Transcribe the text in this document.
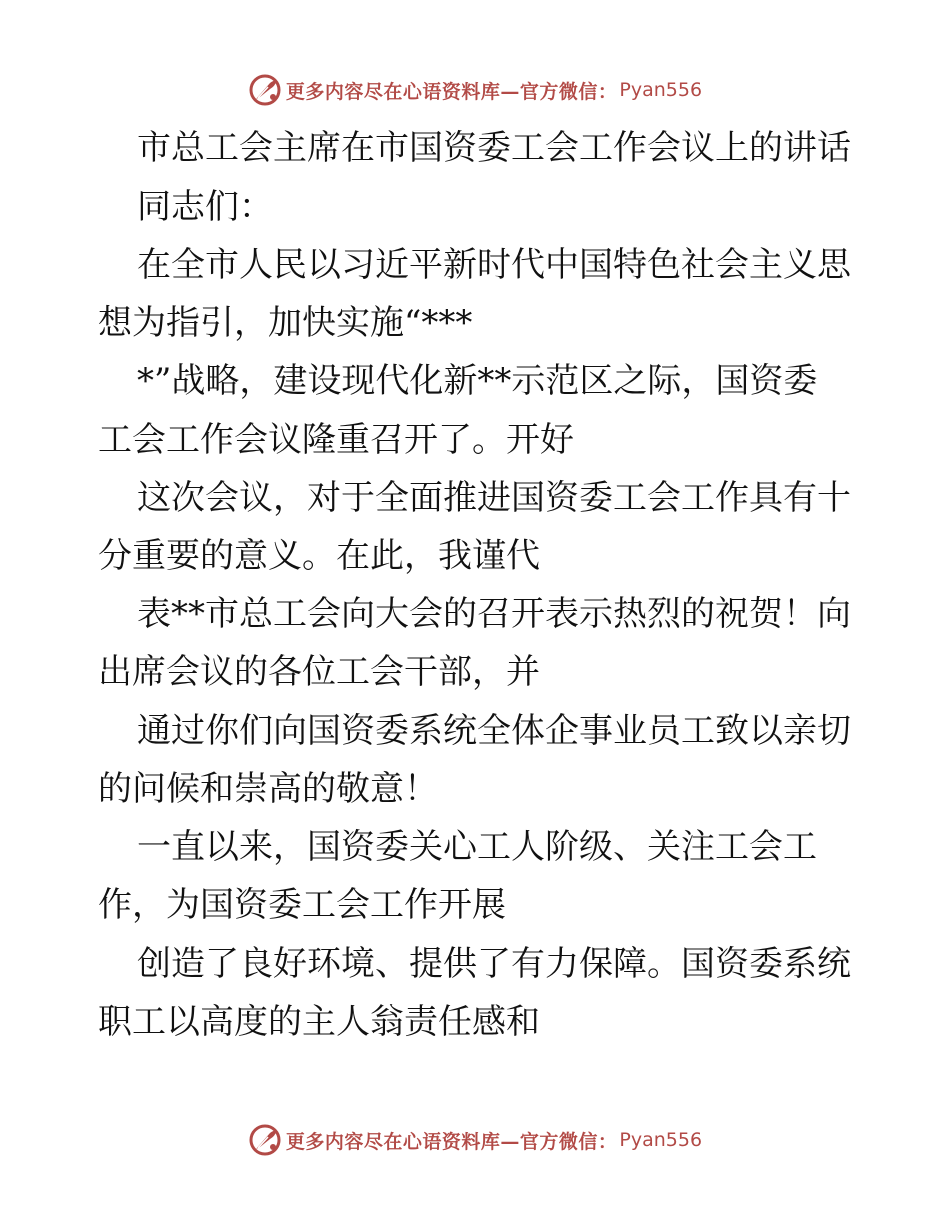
更多内容尽在心语资料库—官方微信： Pyan556
市总工会主席在市国资委工会工作会议上的讲话
同志们：
在全市人民以习近平新时代中国特色社会主义思
想为指引，加快实施“***
*”战略，建设现代化新**示范区之际，国资委
工会工作会议隆重召开了。开好
这次会议，对于全面推进国资委工会工作具有十
分重要的意义。在此，我谨代
表**市总工会向大会的召开表示热烈的祝贺！向
出席会议的各位工会干部，并
通过你们向国资委系统全体企事业员工致以亲切
的问候和崇高的敬意！
一直以来，国资委关心工人阶级、关注工会工
作，为国资委工会工作开展
创造了良好环境、提供了有力保障。国资委系统
职工以高度的主人翁责任感和
更多内容尽在心语资料库—官方微信： Pyan556
